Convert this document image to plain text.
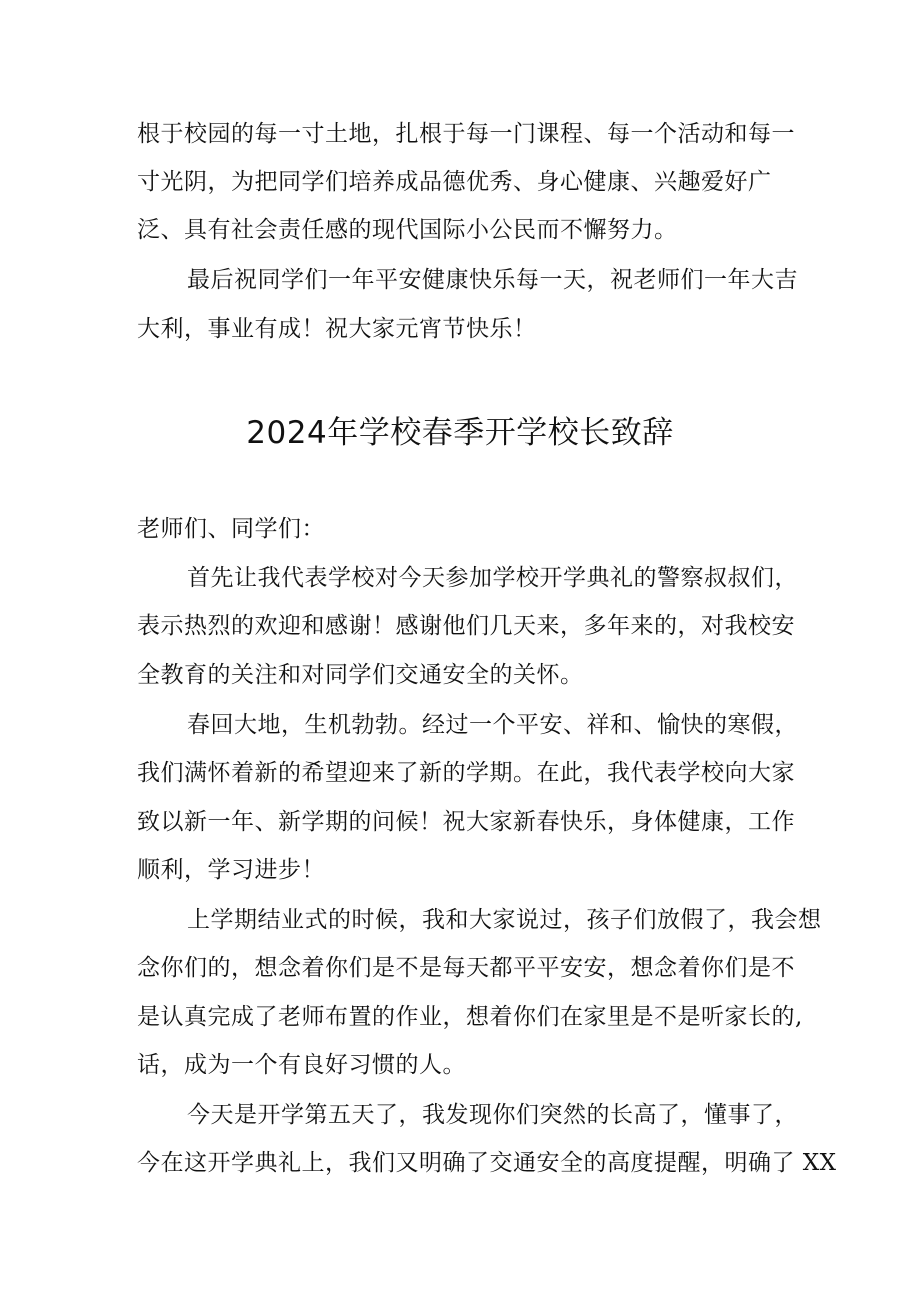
根于校园的每一寸土地，扎根于每一门课程、每一个活动和每一
寸光阴，为把同学们培养成品德优秀、身心健康、兴趣爱好广
泛、具有社会责任感的现代国际小公民而不懈努力。
最后祝同学们一年平安健康快乐每一天，祝老师们一年大吉
大利，事业有成！祝大家元宵节快乐！
2024年学校春季开学校长致辞
老师们、同学们：
首先让我代表学校对今天参加学校开学典礼的警察叔叔们，
表示热烈的欢迎和感谢！感谢他们几天来，多年来的，对我校安
全教育的关注和对同学们交通安全的关怀。
春回大地，生机勃勃。经过一个平安、祥和、愉快的寒假，
我们满怀着新的希望迎来了新的学期。在此，我代表学校向大家
致以新一年、新学期的问候！祝大家新春快乐，身体健康，工作
顺利，学习进步！
上学期结业式的时候，我和大家说过，孩子们放假了，我会想
念你们的，想念着你们是不是每天都平平安安，想念着你们是不
是认真完成了老师布置的作业，想着你们在家里是不是听家长的,
话，成为一个有良好习惯的人。
今天是开学第五天了，我发现你们突然的长高了，懂事了，
今在这开学典礼上，我们又明确了交通安全的高度提醒，明确了 XX
